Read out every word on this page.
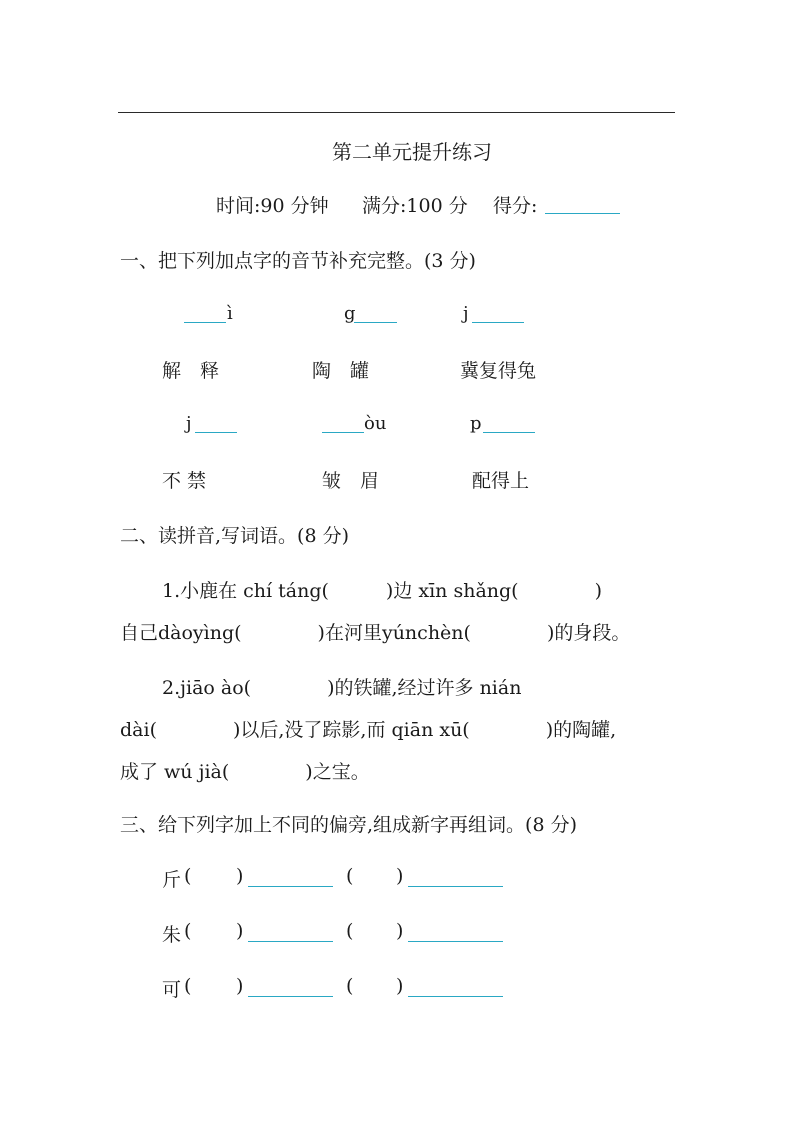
第二单元提升练习
时间:90 分钟 满分:100 分 得分:
一、把下列加点字的音节补充完整。(3 分)
ì	g	j
解　释	陶　罐	冀复得兔
j	òu	p
不 禁	皱　眉	配得上
二、读拼音,写词语。(8 分)
1.小鹿在 chí táng(　　　)边 xīn shǎng(　　　　)
自己dàoyìng(　　　　)在河里yúnchèn(　　　　)的身段。
2.jiāo ào(　　　　)的铁罐,经过许多 nián
dài(　　　　)以后,没了踪影,而 qiān xū(　　　　)的陶罐,
成了 wú jià(　　　　)之宝。
三、给下列字加上不同的偏旁,组成新字再组词。(8 分)
斤 ( )	( )
朱 ( )	( )
可 ( )	( )
